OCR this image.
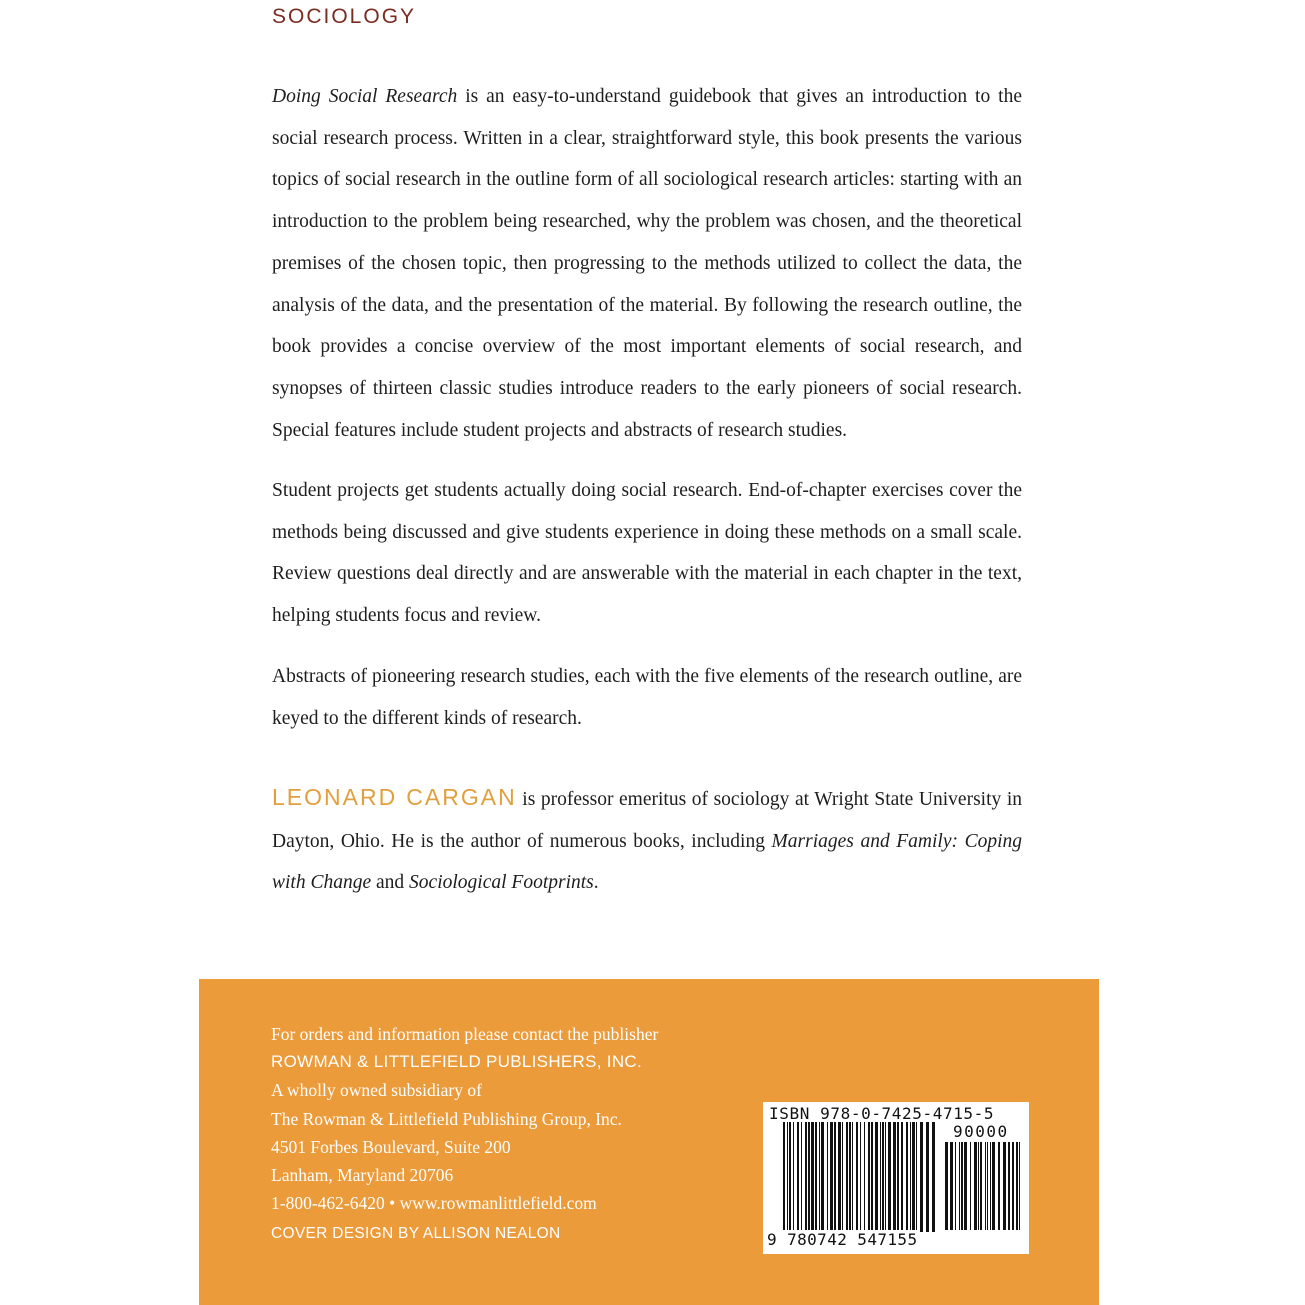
SOCIOLOGY

Doing Social Research is an easy-to-understand guidebook that gives an introduction to the social research process. Written in a clear, straightforward style, this book presents the various topics of social research in the outline form of all sociological research articles: starting with an introduction to the problem being researched, why the problem was chosen, and the theoretical premises of the chosen topic, then progressing to the methods utilized to collect the data, the analysis of the data, and the presentation of the material. By following the research outline, the book provides a concise overview of the most important elements of social research, and synopses of thirteen classic studies introduce readers to the early pioneers of social research. Special features include student projects and abstracts of research studies.

Student projects get students actually doing social research. End-of-chapter exercises cover the methods being discussed and give students experience in doing these methods on a small scale. Review questions deal directly and are answerable with the material in each chapter in the text, helping students focus and review.

Abstracts of pioneering research studies, each with the five elements of the research outline, are keyed to the different kinds of research.

LEONARD CARGAN is professor emeritus of sociology at Wright State University in Dayton, Ohio. He is the author of numerous books, including Marriages and Family: Coping with Change and Sociological Footprints.

For orders and information please contact the publisher
ROWMAN & LITTLEFIELD PUBLISHERS, INC.
A wholly owned subsidiary of
The Rowman & Littlefield Publishing Group, Inc.
4501 Forbes Boulevard, Suite 200
Lanham, Maryland 20706
1-800-462-6420 • www.rowmanlittlefield.com
COVER DESIGN BY ALLISON NEALON
ISBN 978-0-7425-4715-5
90000
9 780742 547155
